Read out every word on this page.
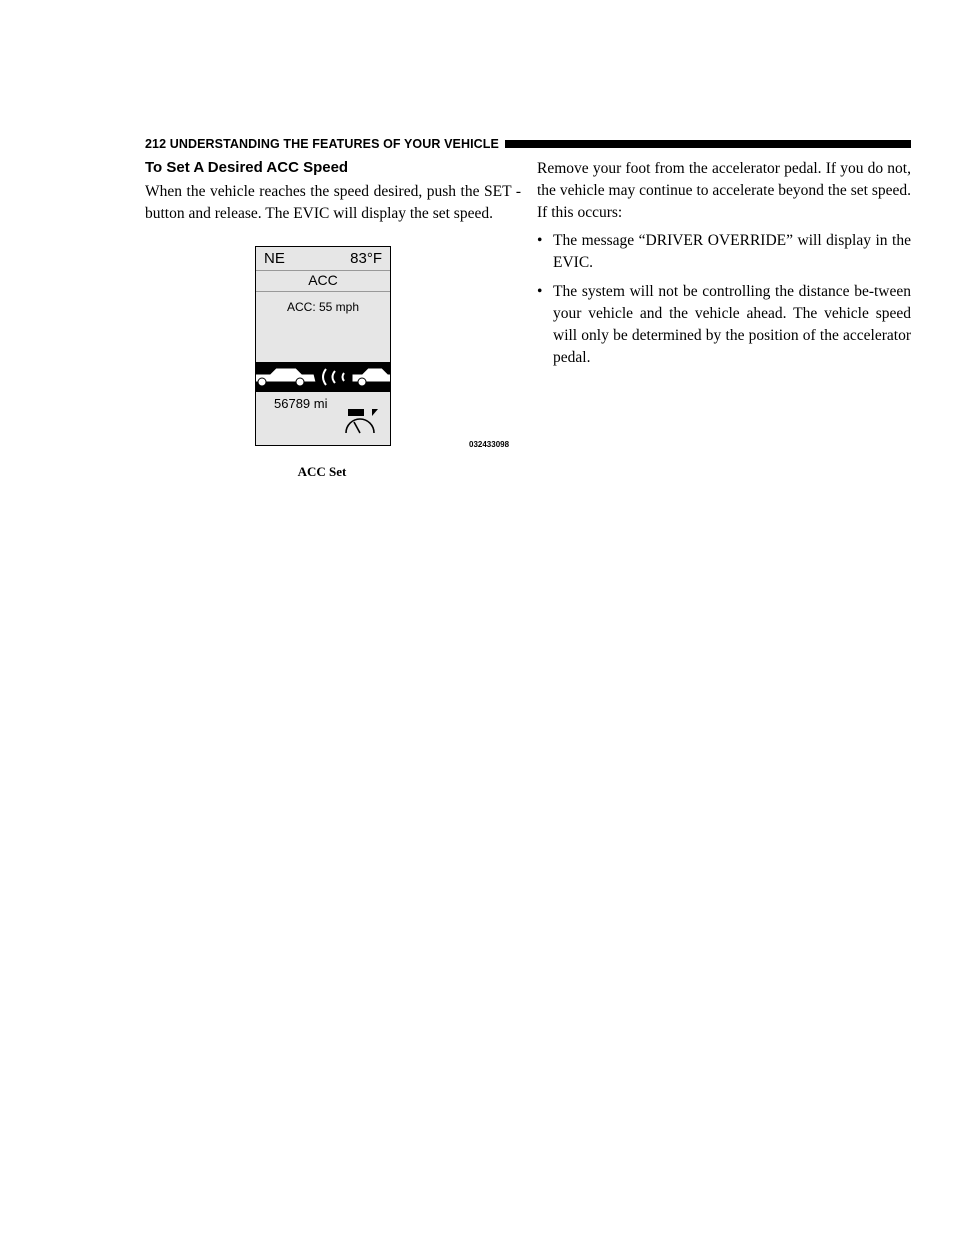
212 UNDERSTANDING THE FEATURES OF YOUR VEHICLE
To Set A Desired ACC Speed

When the vehicle reaches the speed desired, push the SET - button and release. The EVIC will display the set speed.

NE	83°F
ACC
ACC: 55 mph
56789 mi
032433098
ACC Set

Remove your foot from the accelerator pedal. If you do not, the vehicle may continue to accelerate beyond the set speed. If this occurs:

• The message “DRIVER OVERRIDE” will display in the EVIC.
• The system will not be controlling the distance be-tween your vehicle and the vehicle ahead. The vehicle speed will only be determined by the position of the accelerator pedal.
